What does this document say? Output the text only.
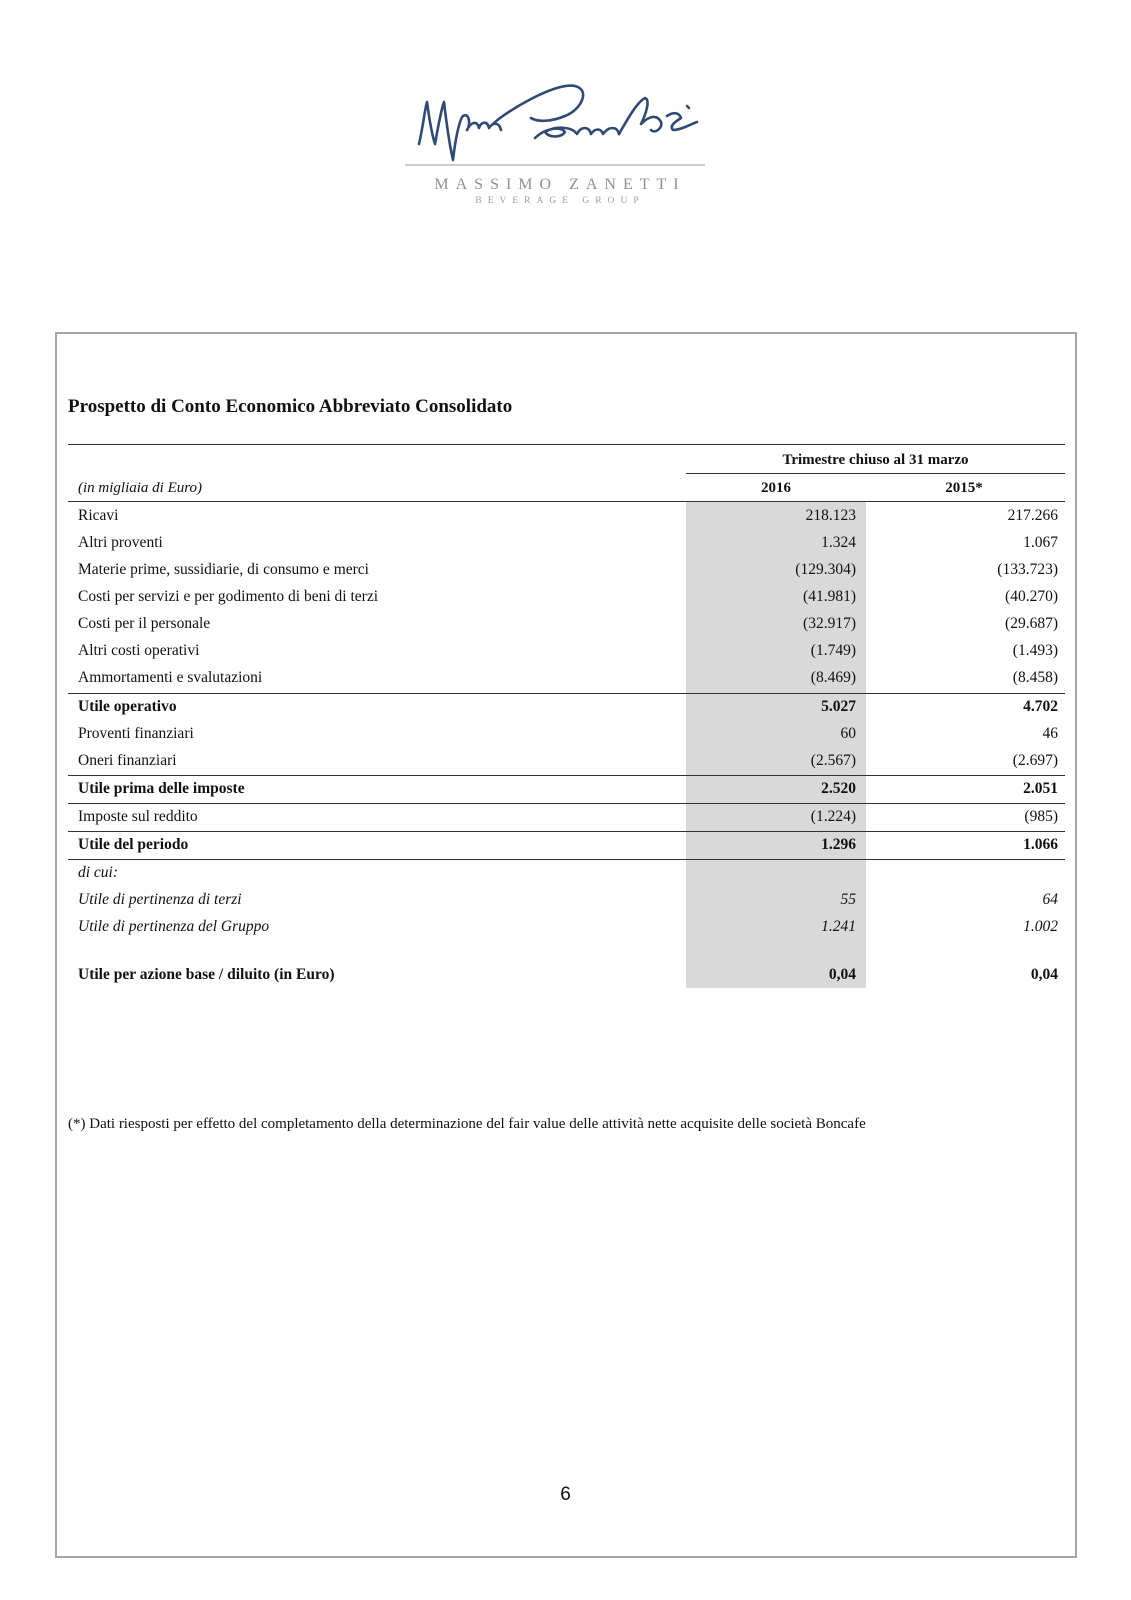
MASSIMO ZANETTI
BEVERAGE GROUP
Prospetto di Conto Economico Abbreviato Consolidato
Trimestre chiuso al 31 marzo
(in migliaia di Euro)	2016	2015*
Ricavi	218.123	217.266
Altri proventi	1.324	1.067
Materie prime, sussidiarie, di consumo e merci	(129.304)	(133.723)
Costi per servizi e per godimento di beni di terzi	(41.981)	(40.270)
Costi per il personale	(32.917)	(29.687)
Altri costi operativi	(1.749)	(1.493)
Ammortamenti e svalutazioni	(8.469)	(8.458)
Utile operativo	5.027	4.702
Proventi finanziari	60	46
Oneri finanziari	(2.567)	(2.697)
Utile prima delle imposte	2.520	2.051
Imposte sul reddito	(1.224)	(985)
Utile del periodo	1.296	1.066
di cui:
Utile di pertinenza di terzi	55	64
Utile di pertinenza del Gruppo	1.241	1.002
Utile per azione base / diluito (in Euro)	0,04	0,04
(*) Dati riesposti per effetto del completamento della determinazione del fair value delle attività nette acquisite delle società Boncafe
6
